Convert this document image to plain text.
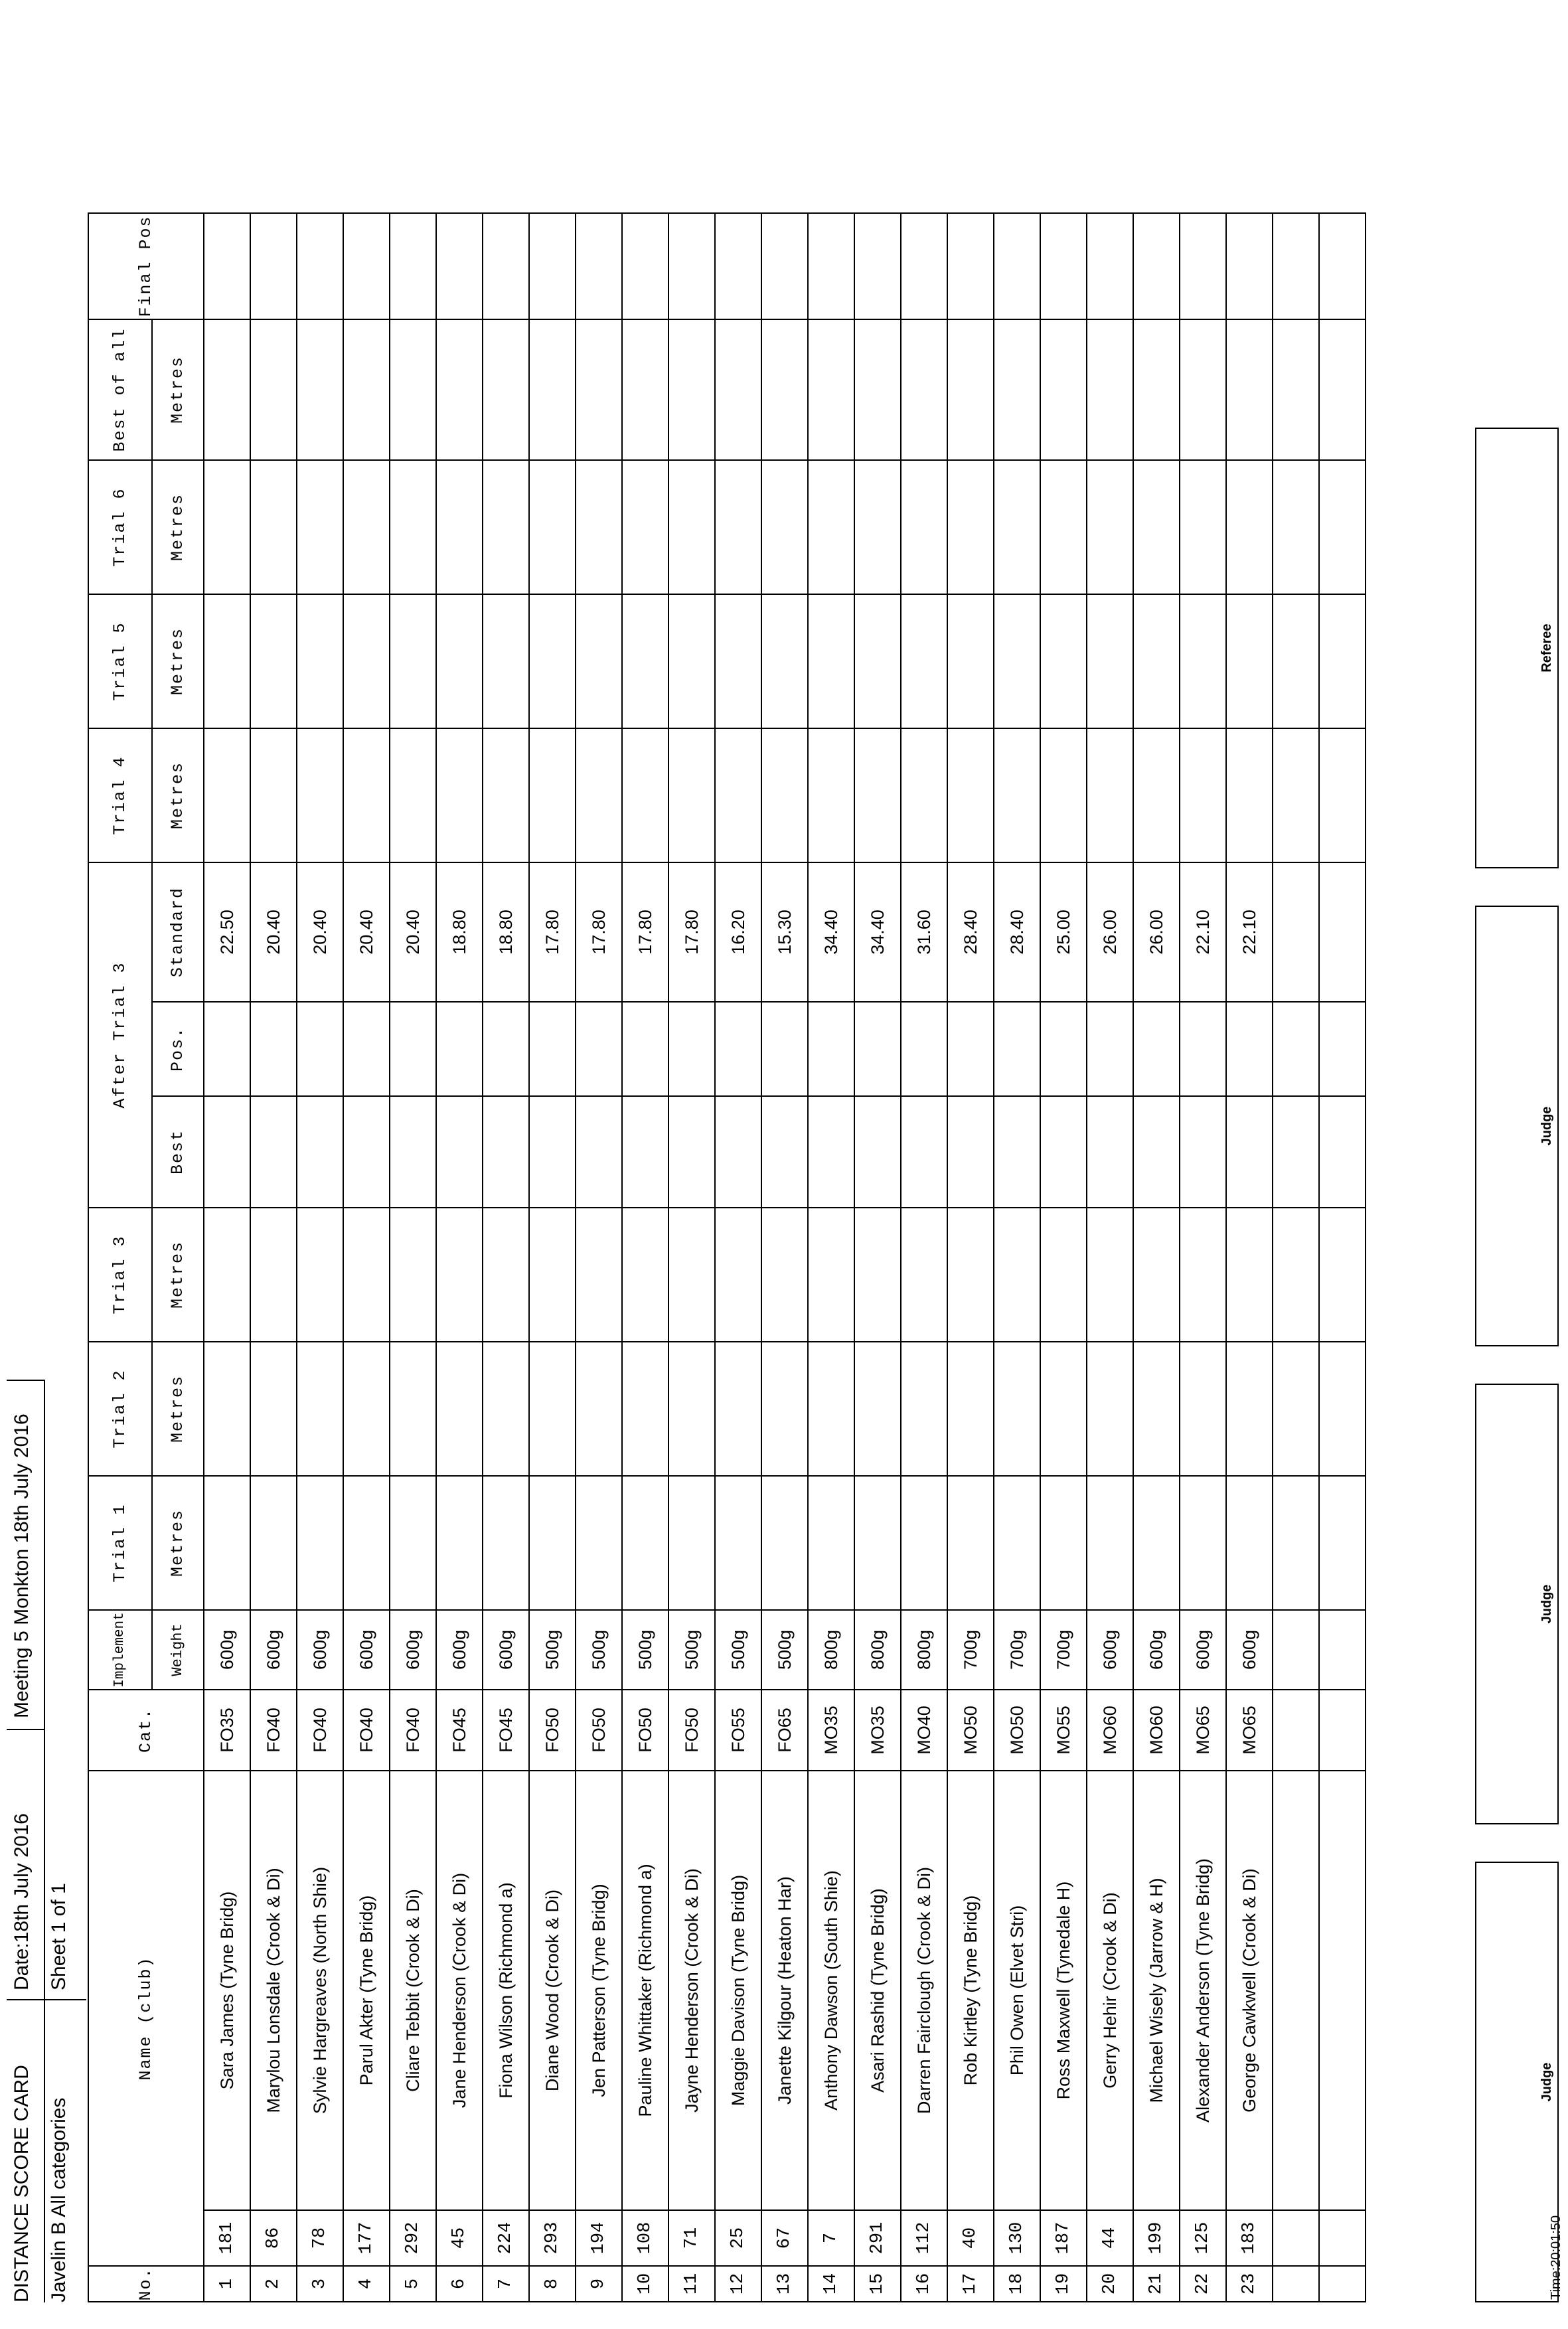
DISTANCE SCORE CARD
Date:18th July 2016
Meeting 5 Monkton 18th July 2016
Javelin B All categories
Sheet 1 of 1
No.	Name (club)		Cat.	Implement	Trial 1	Trial 2	Trial 3	After Trial 3			Trial 4	Trial 5	Trial 6	Best of all	Final Pos
				Weight	Metres	Metres	Metres	Best	Pos.	Standard	Metres	Metres	Metres	Metres	
1	181	Sara James (Tyne Bridg)	FO35	600g						22.50					
2	86	Marylou Lonsdale (Crook & Di)	FO40	600g						20.40					
3	78	Sylvie Hargreaves (North Shie)	FO40	600g						20.40					
4	177	Parul Akter (Tyne Bridg)	FO40	600g						20.40					
5	292	Cliare Tebbit (Crook & Di)	FO40	600g						20.40					
6	45	Jane Henderson (Crook & Di)	FO45	600g						18.80					
7	224	Fiona Wilson (Richmond a)	FO45	600g						18.80					
8	293	Diane Wood (Crook & Di)	FO50	500g						17.80					
9	194	Jen Patterson (Tyne Bridg)	FO50	500g						17.80					
10	108	Pauline Whittaker (Richmond a)	FO50	500g						17.80					
11	71	Jayne Henderson (Crook & Di)	FO50	500g						17.80					
12	25	Maggie Davison (Tyne Bridg)	FO55	500g						16.20					
13	67	Janette Kilgour (Heaton Har)	FO65	500g						15.30					
14	7	Anthony Dawson (South Shie)	MO35	800g						34.40					
15	291	Asari Rashid (Tyne Bridg)	MO35	800g						34.40					
16	112	Darren Fairclough (Crook & Di)	MO40	800g						31.60					
17	40	Rob Kirtley (Tyne Bridg)	MO50	700g						28.40					
18	130	Phil Owen (Elvet Stri)	MO50	700g						28.40					
19	187	Ross Maxwell (Tynedale H)	MO55	700g						25.00					
20	44	Gerry Hehir (Crook & Di)	MO60	600g						26.00					
21	199	Michael Wisely (Jarrow & H)	MO60	600g						26.00					
22	125	Alexander Anderson (Tyne Bridg)	MO65	600g						22.10					
23	183	George Cawkwell (Crook & Di)	MO65	600g						22.10					

Judge
Judge
Judge
Referee
Time:20:01:50
